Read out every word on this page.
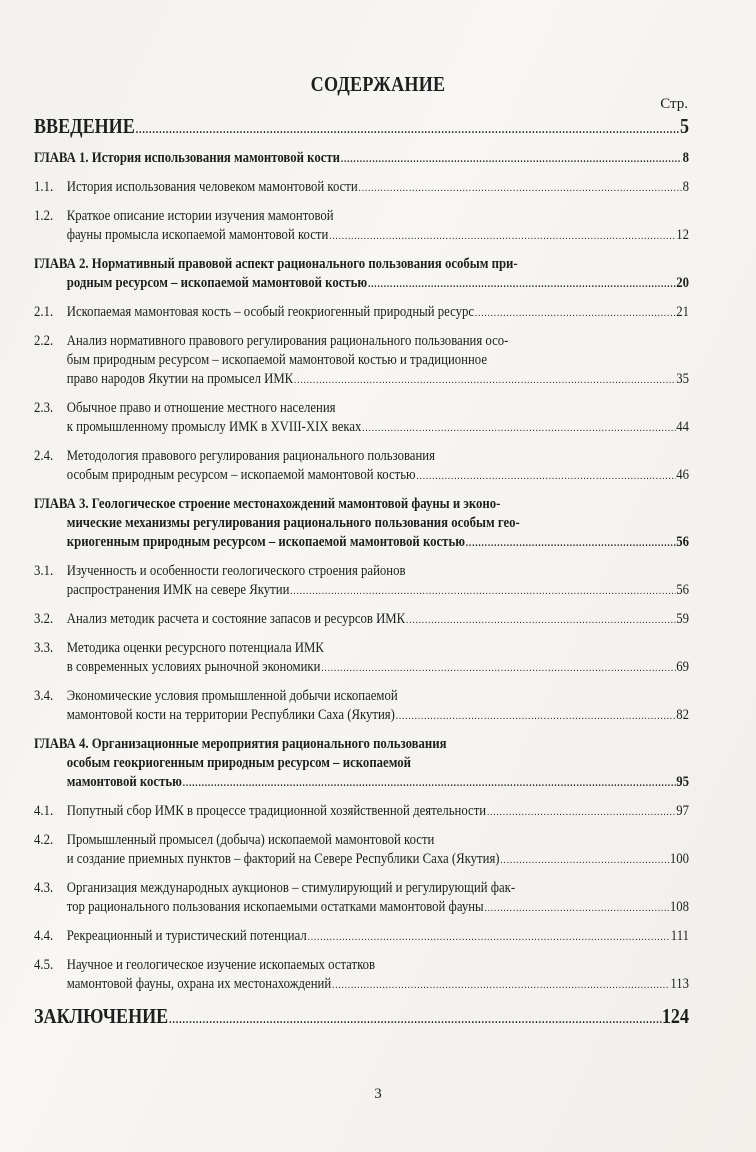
СОДЕРЖАНИЕ
Стр.
ВВЕДЕНИЕ .....	5
ГЛАВА 1. История использования мамонтовой кости .....	8
1.1. История использования человеком мамонтовой кости .....	8
1.2. Краткое описание истории изучения мамонтовой
фауны промысла ископаемой мамонтовой кости .....	12
ГЛАВА 2. Нормативный правовой аспект рационального пользования особым при-
родным ресурсом – ископаемой мамонтовой костью .....	20
2.1. Ископаемая мамонтовая кость – особый геокриогенный природный ресурс .....	21
2.2. Анализ нормативного правового регулирования рационального пользования осо-
бым природным ресурсом – ископаемой мамонтовой костью и традиционное
право народов Якутии на промысел ИМК .....	35
2.3. Обычное право и отношение местного населения
к промышленному промыслу ИМК в XVIII-XIX веках .....	44
2.4. Методология правового регулирования рационального пользования
особым природным ресурсом – ископаемой мамонтовой костью .....	46
ГЛАВА 3. Геологическое строение местонахождений мамонтовой фауны и эконо-
мические механизмы регулирования рационального пользования особым гео-
криогенным природным ресурсом – ископаемой мамонтовой костью .....	56
3.1. Изученность и особенности геологического строения районов
распространения ИМК на севере Якутии .....	56
3.2. Анализ методик расчета и состояние запасов и ресурсов ИМК .....	59
3.3. Методика оценки ресурсного потенциала ИМК
в современных условиях рыночной экономики .....	69
3.4. Экономические условия промышленной добычи ископаемой
мамонтовой кости на территории Республики Саха (Якутия) .....	82
ГЛАВА 4. Организационные мероприятия рационального пользования
особым геокриогенным природным ресурсом – ископаемой
мамонтовой костью .....	95
4.1. Попутный сбор ИМК в процессе традиционной хозяйственной деятельности .....	97
4.2. Промышленный промысел (добыча) ископаемой мамонтовой кости
и создание приемных пунктов – факторий на Севере Республики Саха (Якутия) .....	100
4.3. Организация международных аукционов – стимулирующий и регулирующий фак-
тор рационального пользования ископаемыми остатками мамонтовой фауны .....	108
4.4. Рекреационный и туристический потенциал .....	111
4.5. Научное и геологическое изучение ископаемых остатков
мамонтовой фауны, охрана их местонахождений .....	113
ЗАКЛЮЧЕНИЕ .....	124
3
